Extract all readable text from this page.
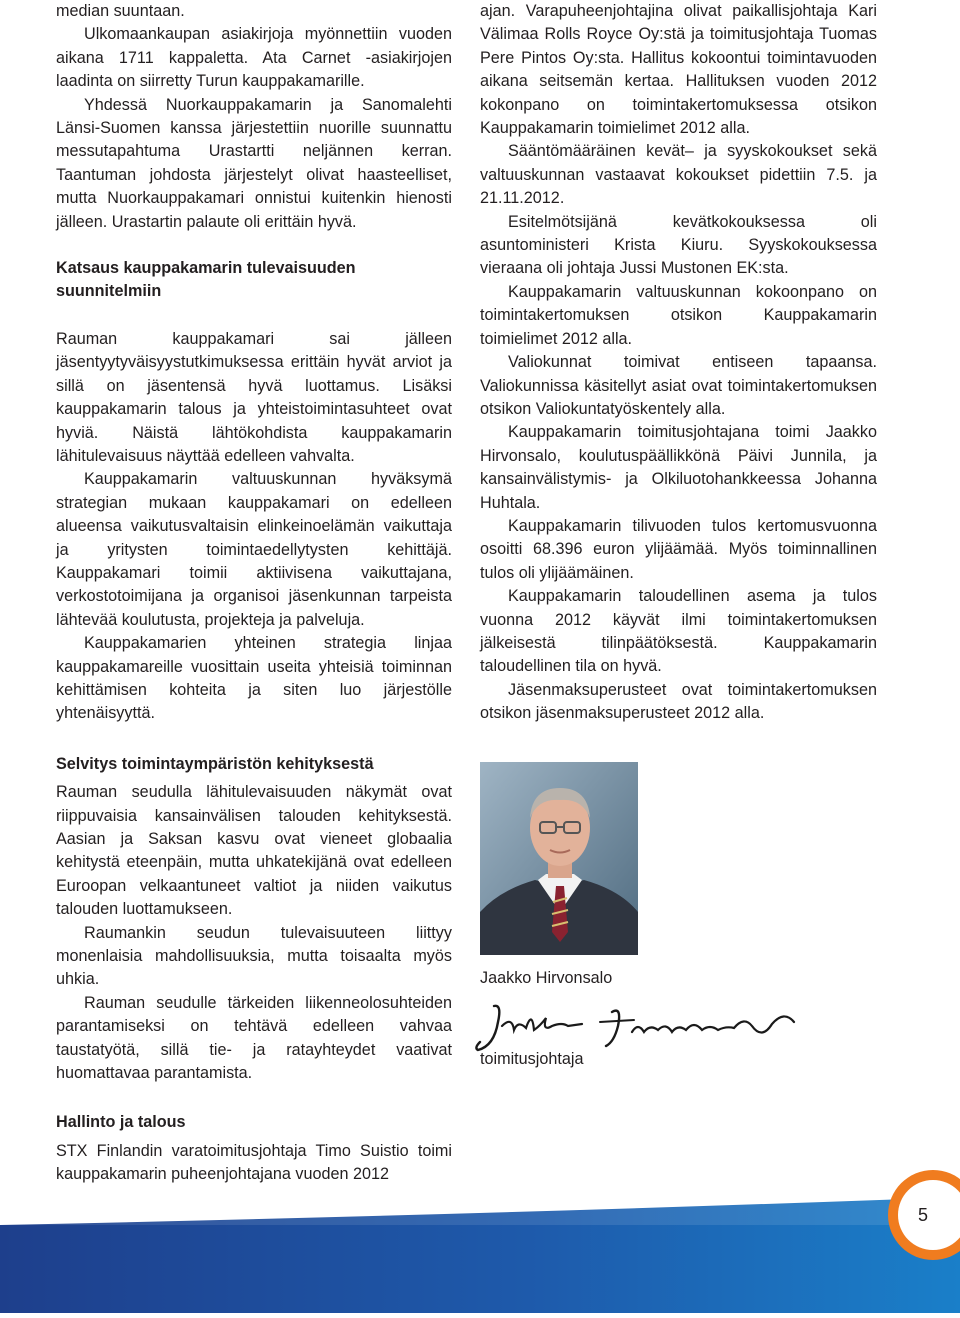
median suuntaan.

Ulkomaankaupan asiakirjoja myönnettiin vuoden aikana 1711 kappaletta. Ata Carnet -asiakirjojen laadinta on siirretty Turun kauppakamarille.

Yhdessä Nuorkauppakamarin ja Sanomalehti Länsi-Suomen kanssa järjestettiin nuorille suunnattu messutapahtuma Urastartti neljännen kerran. Taantuman johdosta järjestelyt olivat haasteelliset, mutta Nuorkauppakamari onnistui kuitenkin hienosti jälleen. Urastartin palaute oli erittäin hyvä.

Katsaus kauppakamarin tulevaisuuden suunnitelmiin

Rauman kauppakamari sai jälleen jäsentyytyväisyystutkimuksessa erittäin hyvät arviot ja sillä on jäsentensä hyvä luottamus. Lisäksi kauppakamarin talous ja yhteistoimintasuhteet ovat hyviä. Näistä lähtökohdista kauppakamarin lähitulevaisuus näyttää edelleen vahvalta.

Kauppakamarin valtuuskunnan hyväksymä strategian mukaan kauppakamari on edelleen alueensa vaikutusvaltaisin elinkeinoelämän vaikuttaja ja yritysten toimintaedellytysten kehittäjä. Kauppakamari toimii aktiivisena vaikuttajana, verkostotoimijana ja organisoi jäsenkunnan tarpeista lähtevää koulutusta, projekteja ja palveluja.

Kauppakamarien yhteinen strategia linjaa kauppakamareille vuosittain useita yhteisiä toiminnan kehittämisen kohteita ja siten luo järjestölle yhtenäisyyttä.

Selvitys toimintaympäristön kehityksestä

Rauman seudulla lähitulevaisuuden näkymät ovat riippuvaisia kansainvälisen talouden kehityksestä. Aasian ja Saksan kasvu ovat vieneet globaalia kehitystä eteenpäin, mutta uhkatekijänä ovat edelleen Euroopan velkaantuneet valtiot ja niiden vaikutus talouden luottamukseen.

Raumankin seudun tulevaisuuteen liittyy monenlaisia mahdollisuuksia, mutta toisaalta myös uhkia.

Rauman seudulle tärkeiden liikenneolosuhteiden parantamiseksi on tehtävä edelleen vahvaa taustatyötä, sillä tie- ja ratayhteydet vaativat huomattavaa parantamista.

Hallinto ja talous

STX Finlandin varatoimitusjohtaja Timo Suistio toimi kauppakamarin puheenjohtajana vuoden 2012

ajan. Varapuheenjohtajina olivat paikallisjohtaja Kari Välimaa Rolls Royce Oy:stä ja toimitusjohtaja Tuomas Pere Pintos Oy:sta. Hallitus kokoontui toimintavuoden aikana seitsemän kertaa. Hallituksen vuoden 2012 kokonpano on toimintakertomuksessa otsikon Kauppakamarin toimielimet 2012 alla.

Sääntömääräinen kevät– ja syyskokoukset sekä valtuuskunnan vastaavat kokoukset pidettiin 7.5. ja 21.11.2012.

Esitelmötsijänä kevätkokouksessa oli asuntoministeri Krista Kiuru. Syyskokouksessa vieraana oli johtaja Jussi Mustonen EK:sta.

Kauppakamarin valtuuskunnan kokoonpano on toimintakertomuksen otsikon Kauppakamarin toimielimet 2012 alla.

Valiokunnat toimivat entiseen tapaansa. Valiokunnissa käsitellyt asiat ovat toimintakertomuksen otsikon Valiokuntatyöskentely alla.

Kauppakamarin toimitusjohtajana toimi Jaakko Hirvonsalo, koulutuspäällikkönä Päivi Junnila, ja kansainvälistymis- ja Olkiluotohankkeessa Johanna Huhtala.

Kauppakamarin tilivuoden tulos kertomusvuonna osoitti 68.396 euron ylijäämää. Myös toiminnallinen tulos oli ylijäämäinen.

Kauppakamarin taloudellinen asema ja tulos vuonna 2012 käyvät ilmi toimintakertomuksen jälkeisestä tilinpäätöksestä. Kauppakamarin taloudellinen tila on hyvä.

Jäsenmaksuperusteet ovat toimintakertomuksen otsikon jäsenmaksuperusteet 2012 alla.

Jaakko Hirvonsalo
toimitusjohtaja
5
